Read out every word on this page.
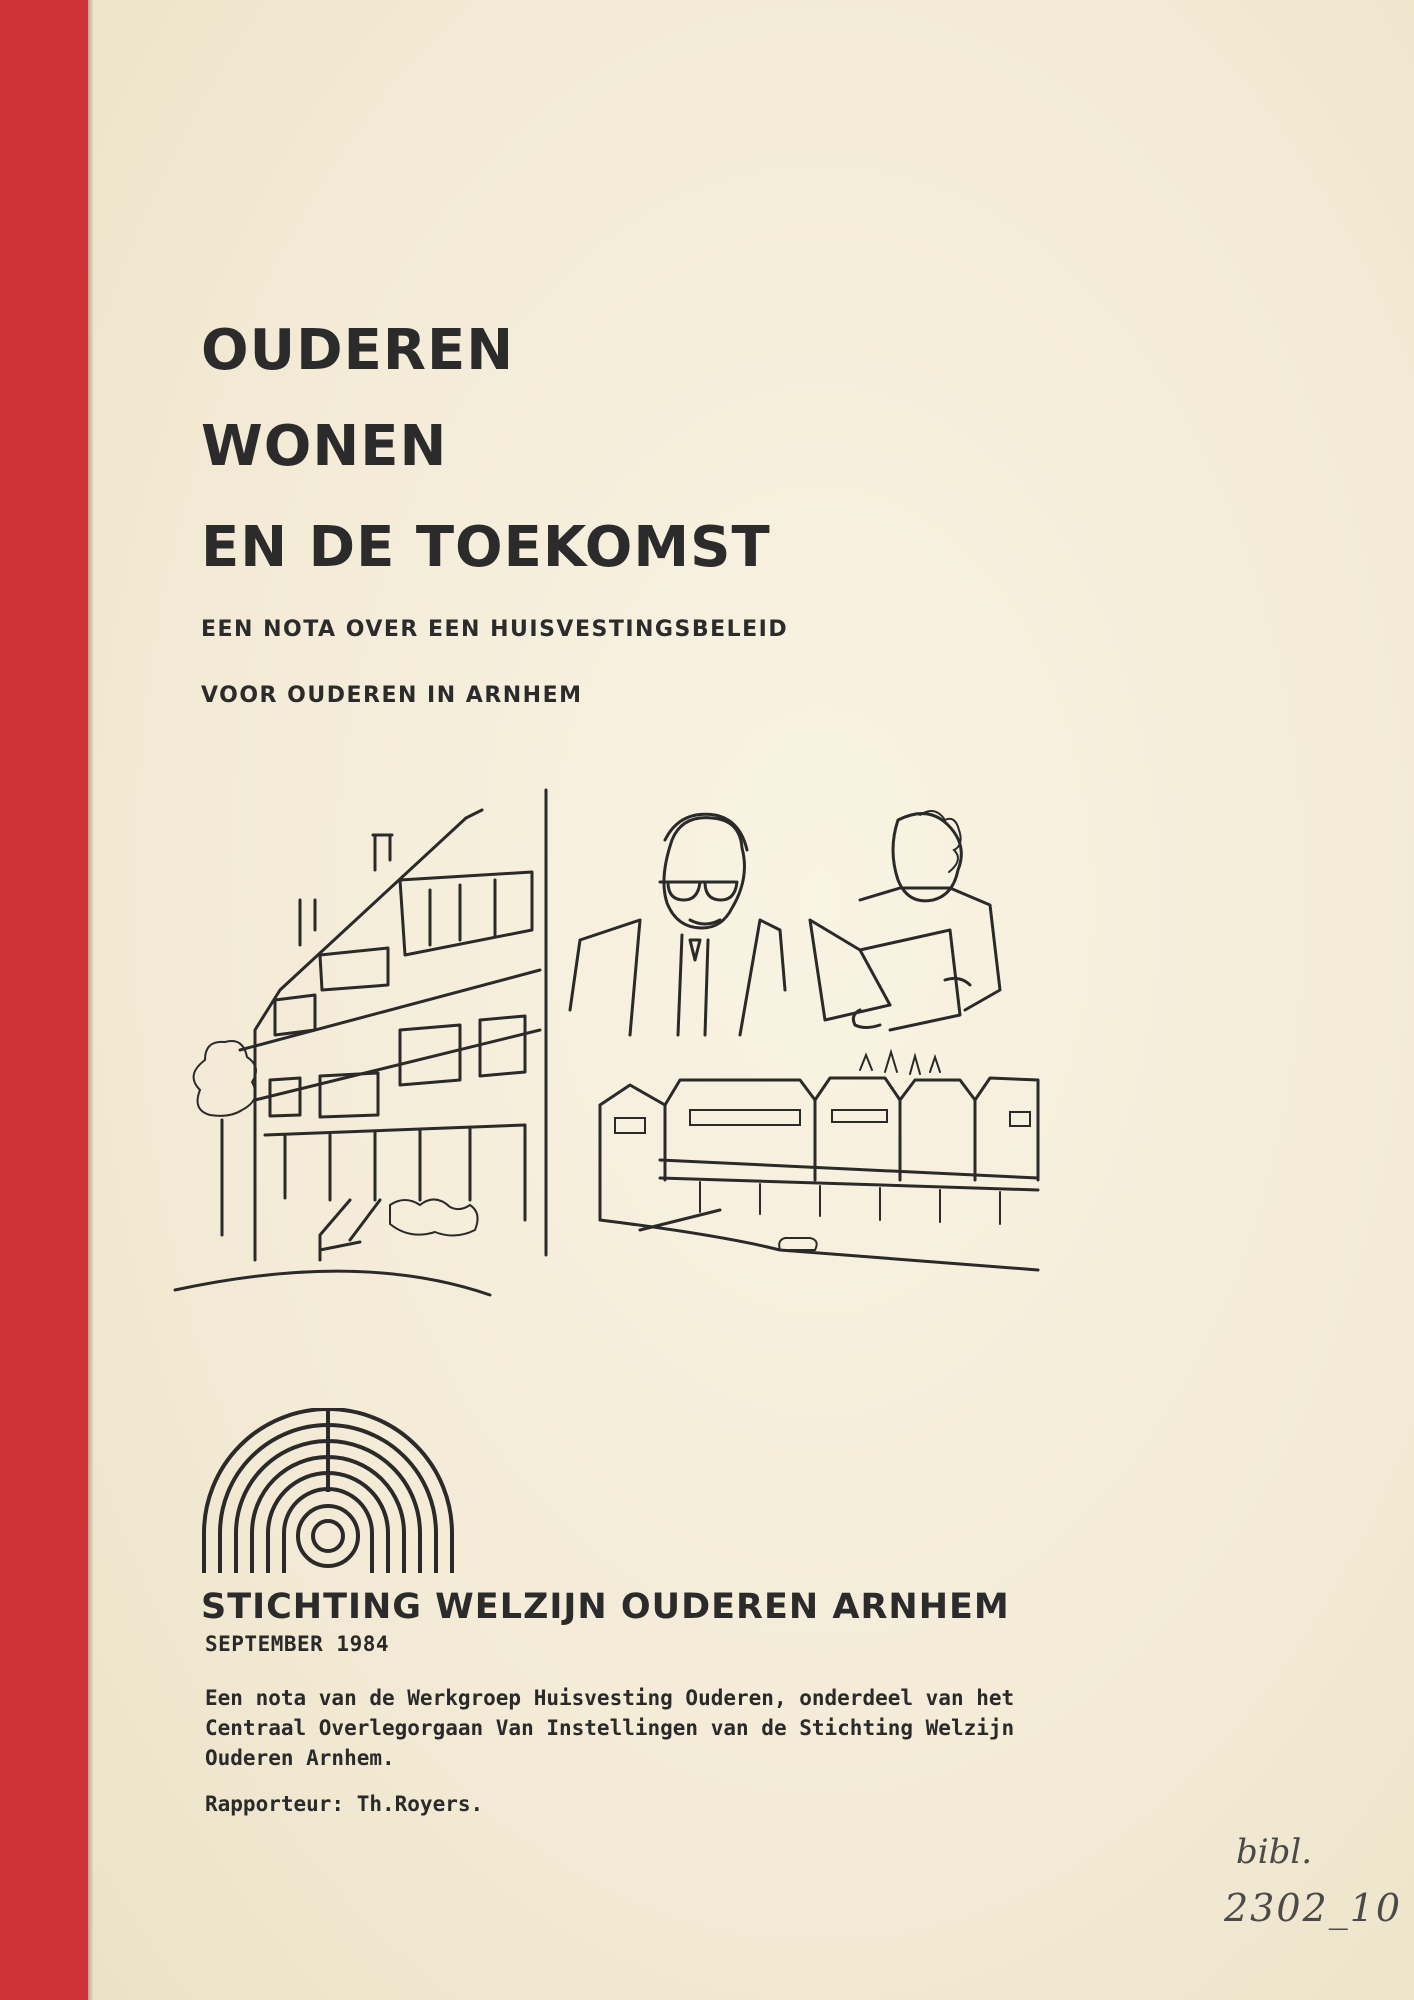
OUDEREN
WONEN
EN DE TOEKOMST
EEN NOTA OVER EEN HUISVESTINGSBELEID
VOOR OUDEREN IN ARNHEM
STICHTING WELZIJN OUDEREN ARNHEM
SEPTEMBER 1984
Een nota van de Werkgroep Huisvesting Ouderen, onderdeel van het
Centraal Overlegorgaan Van Instellingen van de Stichting Welzijn
Ouderen Arnhem.
Rapporteur: Th.Royers.
bibl.
2302_10
